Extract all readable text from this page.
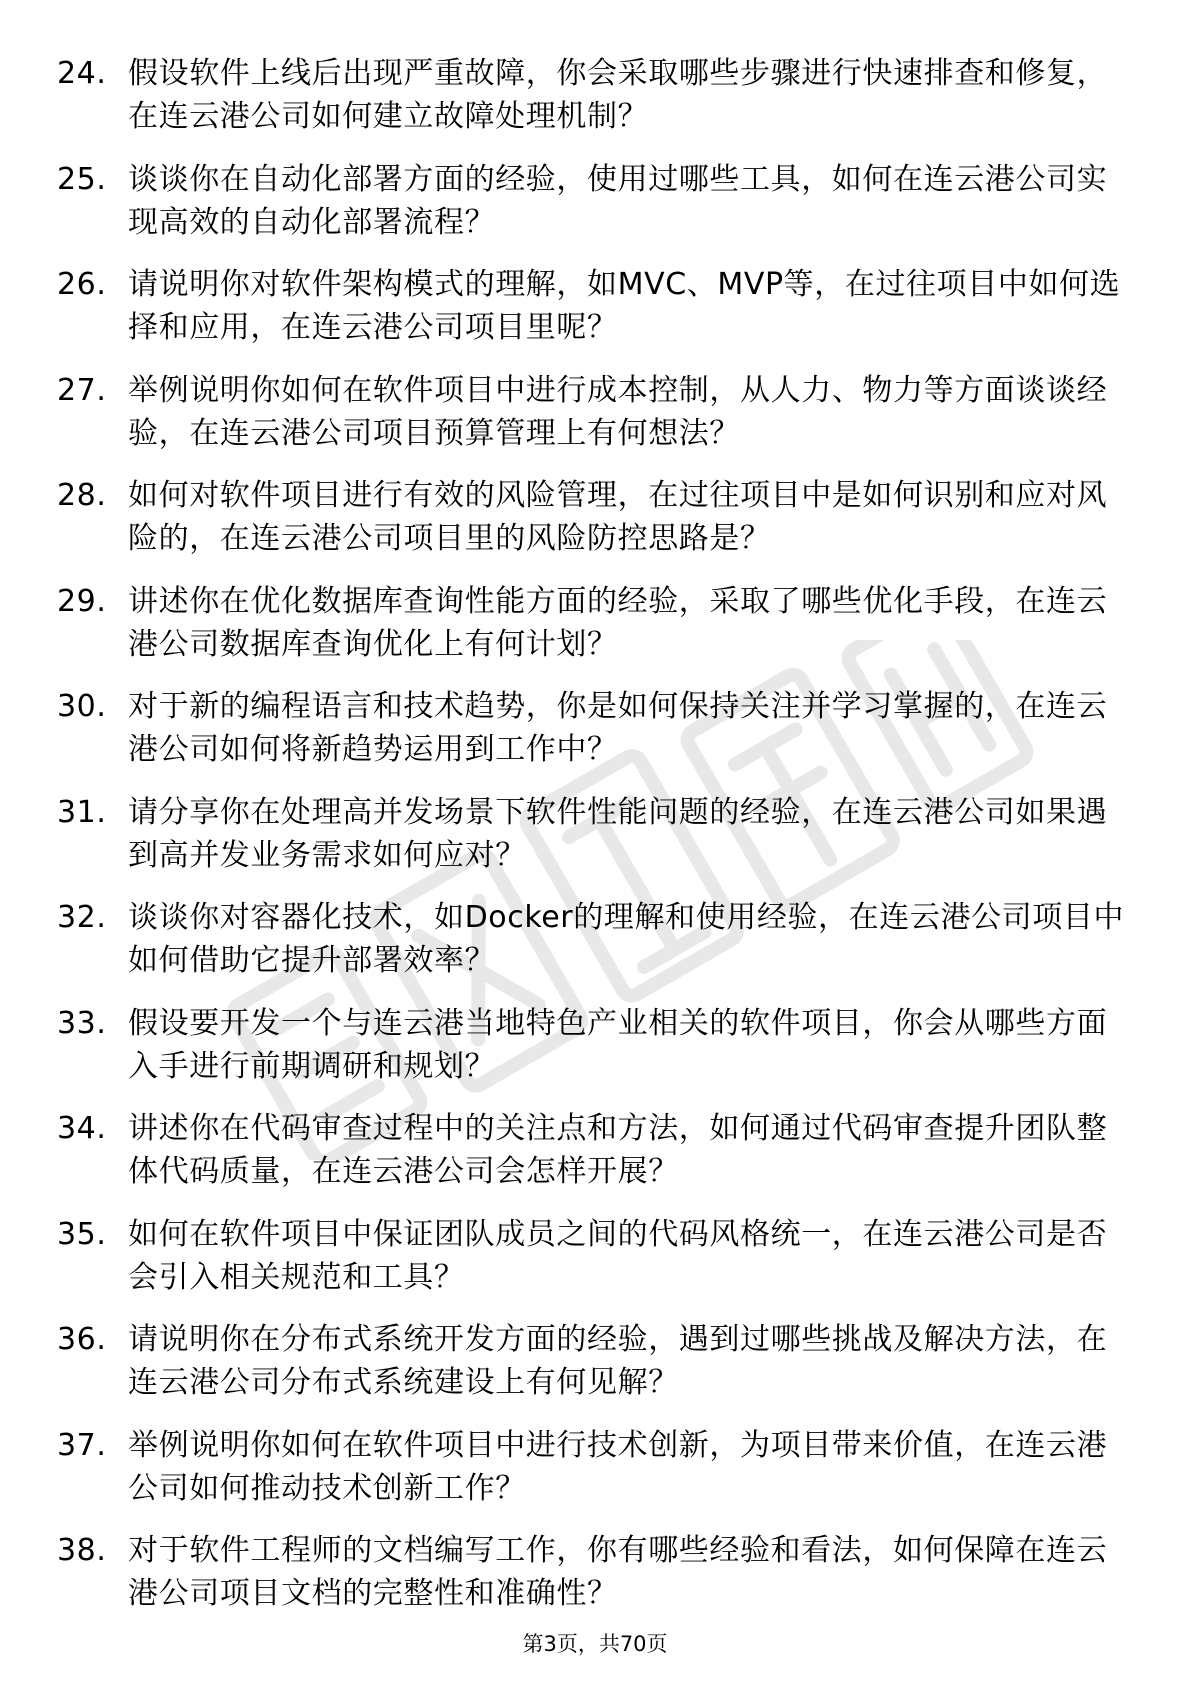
24. 假设软件上线后出现严重故障，你会采取哪些步骤进行快速排查和修复，在连云港公司如何建立故障处理机制？
25. 谈谈你在自动化部署方面的经验，使用过哪些工具，如何在连云港公司实现高效的自动化部署流程？
26. 请说明你对软件架构模式的理解，如MVC、MVP等，在过往项目中如何选择和应用，在连云港公司项目里呢？
27. 举例说明你如何在软件项目中进行成本控制，从人力、物力等方面谈谈经验，在连云港公司项目预算管理上有何想法？
28. 如何对软件项目进行有效的风险管理，在过往项目中是如何识别和应对风险的，在连云港公司项目里的风险防控思路是？
29. 讲述你在优化数据库查询性能方面的经验，采取了哪些优化手段，在连云港公司数据库查询优化上有何计划？
30. 对于新的编程语言和技术趋势，你是如何保持关注并学习掌握的，在连云港公司如何将新趋势运用到工作中？
31. 请分享你在处理高并发场景下软件性能问题的经验，在连云港公司如果遇到高并发业务需求如何应对？
32. 谈谈你对容器化技术，如Docker的理解和使用经验，在连云港公司项目中如何借助它提升部署效率？
33. 假设要开发一个与连云港当地特色产业相关的软件项目，你会从哪些方面入手进行前期调研和规划？
34. 讲述你在代码审查过程中的关注点和方法，如何通过代码审查提升团队整体代码质量，在连云港公司会怎样开展？
35. 如何在软件项目中保证团队成员之间的代码风格统一，在连云港公司是否会引入相关规范和工具？
36. 请说明你在分布式系统开发方面的经验，遇到过哪些挑战及解决方法，在连云港公司分布式系统建设上有何见解？
37. 举例说明你如何在软件项目中进行技术创新，为项目带来价值，在连云港公司如何推动技术创新工作？
38. 对于软件工程师的文档编写工作，你有哪些经验和看法，如何保障在连云港公司项目文档的完整性和准确性？
第3页，共70页
